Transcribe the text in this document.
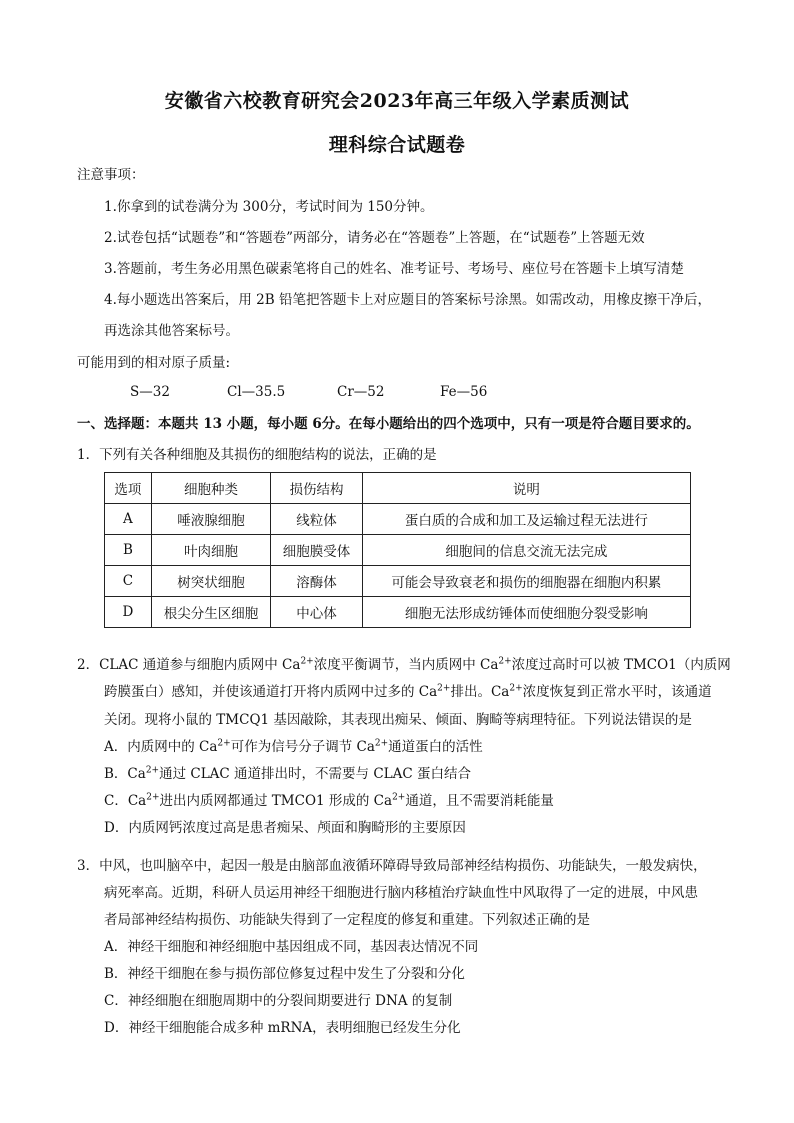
安徽省六校教育研究会2023年高三年级入学素质测试
理科综合试题卷
注意事项：
1.你拿到的试卷满分为 300分，考试时间为 150分钟。
2.试卷包括“试题卷”和“答题卷”两部分，请务必在“答题卷”上答题，在“试题卷”上答题无效
3.答题前，考生务必用黑色碳素笔将自己的姓名、准考证号、考场号、座位号在答题卡上填写清楚
4.每小题选出答案后，用 2B 铅笔把答题卡上对应题目的答案标号涂黑。如需改动，用橡皮擦干净后，
再选涂其他答案标号。
可能用到的相对原子质量:
S—32	Cl—35.5	Cr—52	Fe—56
一、选择题：本题共 13 小题，每小题 6分。在每小题给出的四个选项中，只有一项是符合题目要求的。
1．下列有关各种细胞及其损伤的细胞结构的说法，正确的是
选项	细胞种类	损伤结构	说明
A	唾液腺细胞	线粒体	蛋白质的合成和加工及运输过程无法进行
B	叶肉细胞	细胞膜受体	细胞间的信息交流无法完成
C	树突状细胞	溶酶体	可能会导致衰老和损伤的细胞器在细胞内积累
D	根尖分生区细胞	中心体	细胞无法形成纺锤体而使细胞分裂受影响
2．CLAC 通道参与细胞内质网中 $Ca^{2+}$浓度平衡调节，当内质网中 $Ca^{2+}$浓度过高时可以被 TMCO1（内质网
跨膜蛋白）感知，并使该通道打开将内质网中过多的 $Ca^{2+}$排出。$Ca^{2+}$浓度恢复到正常水平时，该通道
关闭。现将小鼠的 TMCQ1 基因敲除，其表现出痴呆、倾面、胸畸等病理特征。下列说法错误的是
A．内质网中的 $Ca^{2+}$可作为信号分子调节 $Ca^{2+}$通道蛋白的活性
B．$Ca^{2+}$通过 CLAC 通道排出时，不需要与 CLAC 蛋白结合
C．$Ca^{2+}$进出内质网都通过 TMCO1 形成的 $Ca^{2+}$通道，且不需要消耗能量
D．内质网钙浓度过高是患者痴呆、颅面和胸畸形的主要原因
3．中风，也叫脑卒中，起因一般是由脑部血液循环障碍导致局部神经结构损伤、功能缺失，一般发病快，
病死率高。近期，科研人员运用神经干细胞进行脑内移植治疗缺血性中风取得了一定的进展，中风患
者局部神经结构损伤、功能缺失得到了一定程度的修复和重建。下列叙述正确的是
A．神经干细胞和神经细胞中基因组成不同，基因表达情况不同
B．神经干细胞在参与损伤部位修复过程中发生了分裂和分化
C．神经细胞在细胞周期中的分裂间期要进行 DNA 的复制
D．神经干细胞能合成多种 mRNA，表明细胞已经发生分化
